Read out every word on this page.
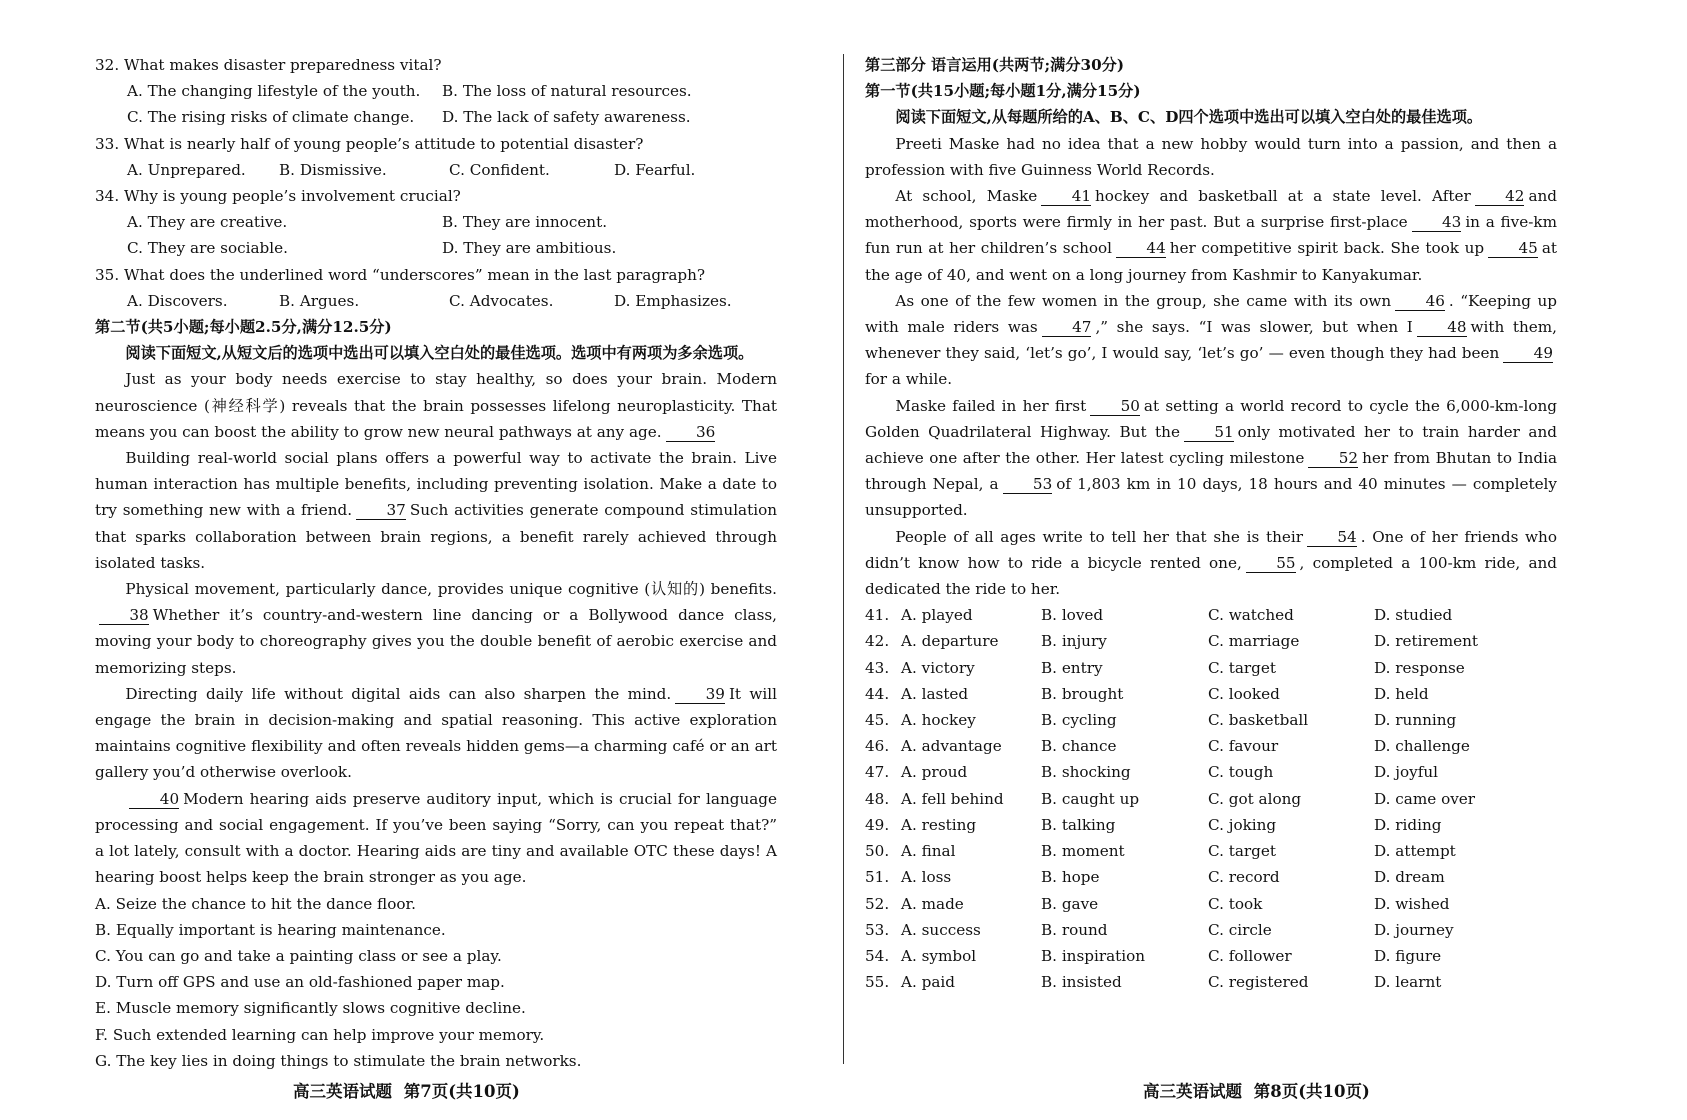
32. What makes disaster preparedness vital?
A. The changing lifestyle of the youth.	B. The loss of natural resources.
C. The rising risks of climate change.	D. The lack of safety awareness.
33. What is nearly half of young people’s attitude to potential disaster?
A. Unprepared.	B. Dismissive.	C. Confident.	D. Fearful.
34. Why is young people’s involvement crucial?
A. They are creative.	B. They are innocent.
C. They are sociable.	D. They are ambitious.
35. What does the underlined word “underscores” mean in the last paragraph?
A. Discovers.	B. Argues.	C. Advocates.	D. Emphasizes.
第二节(共5小题;每小题2.5分,满分12.5分)
阅读下面短文,从短文后的选项中选出可以填入空白处的最佳选项。选项中有两项为多余选项。
Just as your body needs exercise to stay healthy, so does your brain. Modern neuroscience (神经科学) reveals that the brain possesses lifelong neuroplasticity. That means you can boost the ability to grow new neural pathways at any age. 36
Building real-world social plans offers a powerful way to activate the brain. Live human interaction has multiple benefits, including preventing isolation. Make a date to try something new with a friend. 37 Such activities generate compound stimulation that sparks collaboration between brain regions, a benefit rarely achieved through isolated tasks.
Physical movement, particularly dance, provides unique cognitive (认知的) benefits.38 Whether it’s country-and-western line dancing or a Bollywood dance class, moving your body to choreography gives you the double benefit of aerobic exercise and memorizing steps.
Directing daily life without digital aids can also sharpen the mind. 39 It will engage the brain in decision-making and spatial reasoning. This active exploration maintains cognitive flexibility and often reveals hidden gems—a charming café or an art gallery you’d otherwise overlook.
40 Modern hearing aids preserve auditory input, which is crucial for language processing and social engagement. If you’ve been saying “Sorry, can you repeat that?” a lot lately, consult with a doctor. Hearing aids are tiny and available OTC these days! A hearing boost helps keep the brain stronger as you age.
A. Seize the chance to hit the dance floor.
B. Equally important is hearing maintenance.
C. You can go and take a painting class or see a play.
D. Turn off GPS and use an old-fashioned paper map.
E. Muscle memory significantly slows cognitive decline.
F. Such extended learning can help improve your memory.
G. The key lies in doing things to stimulate the brain networks.
高三英语试题 第7页(共10页)
第三部分 语言运用(共两节;满分30分)
第一节(共15小题;每小题1分,满分15分)
阅读下面短文,从每题所给的A、B、C、D四个选项中选出可以填入空白处的最佳选项。
Preeti Maske had no idea that a new hobby would turn into a passion, and then a profession with five Guinness World Records.
At school, Maske 41 hockey and basketball at a state level. After 42 and motherhood, sports were firmly in her past. But a surprise first-place 43 in a five-km fun run at her children’s school 44 her competitive spirit back. She took up 45 at the age of 40, and went on a long journey from Kashmir to Kanyakumar.
As one of the few women in the group, she came with its own 46 . “Keeping up with male riders was 47 ,” she says. “I was slower, but when I 48 with them, whenever they said, ‘let’s go’, I would say, ‘let’s go’ — even though they had been 49for a while.
Maske failed in her first 50 at setting a world record to cycle the 6,000-km-long Golden Quadrilateral Highway. But the 51 only motivated her to train harder and achieve one after the other. Her latest cycling milestone 52 her from Bhutan to India through Nepal, a 53 of 1,803 km in 10 days, 18 hours and 40 minutes — completely unsupported.
People of all ages write to tell her that she is their 54 . One of her friends who didn’t know how to ride a bicycle rented one, 55 , completed a 100-km ride, and dedicated the ride to her.
41. A. played	B. loved	C. watched	D. studied
42. A. departure	B. injury	C. marriage	D. retirement
43. A. victory	B. entry	C. target	D. response
44. A. lasted	B. brought	C. looked	D. held
45. A. hockey	B. cycling	C. basketball	D. running
46. A. advantage	B. chance	C. favour	D. challenge
47. A. proud	B. shocking	C. tough	D. joyful
48. A. fell behind	B. caught up	C. got along	D. came over
49. A. resting	B. talking	C. joking	D. riding
50. A. final	B. moment	C. target	D. attempt
51. A. loss	B. hope	C. record	D. dream
52. A. made	B. gave	C. took	D. wished
53. A. success	B. round	C. circle	D. journey
54. A. symbol	B. inspiration	C. follower	D. figure
55. A. paid	B. insisted	C. registered	D. learnt
高三英语试题 第8页(共10页)
